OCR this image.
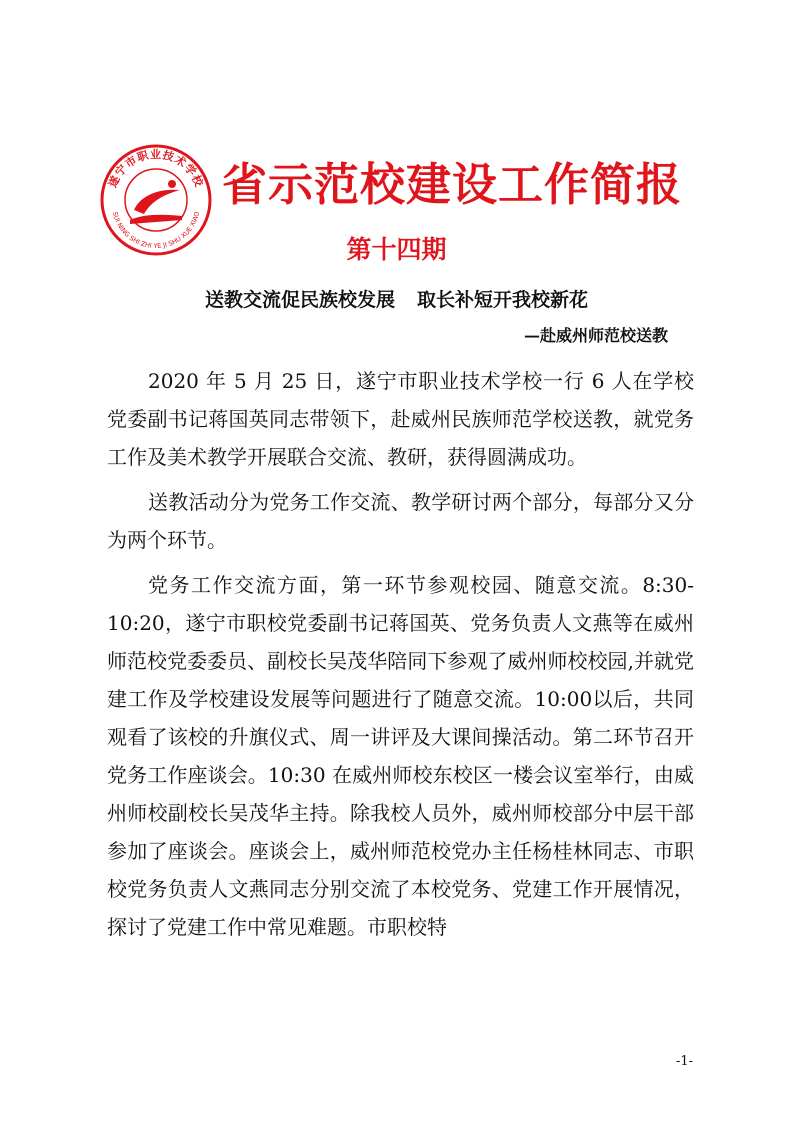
遂宁市职业技术学校
SUI NING SHI ZHI YE JI SHU XUE XIAO
省示范校建设工作简报
第十四期
送教交流促民族校发展 取长补短开我校新花
—赴威州师范校送教

2020 年 5 月 25 日，遂宁市职业技术学校一行 6 人在学校党委副书记蒋国英同志带领下，赴威州民族师范学校送教，就党务工作及美术教学开展联合交流、教研，获得圆满成功。

送教活动分为党务工作交流、教学研讨两个部分，每部分又分为两个环节。

党务工作交流方面，第一环节参观校园、随意交流。8:30-10:20，遂宁市职校党委副书记蒋国英、党务负责人文燕等在威州师范校党委委员、副校长吴茂华陪同下参观了威州师校校园,并就党建工作及学校建设发展等问题进行了随意交流。10:00以后，共同观看了该校的升旗仪式、周一讲评及大课间操活动。第二环节召开党务工作座谈会。10:30 在威州师校东校区一楼会议室举行，由威州师校副校长吴茂华主持。除我校人员外，威州师校部分中层干部参加了座谈会。座谈会上，威州师范校党办主任杨桂林同志、市职校党务负责人文燕同志分别交流了本校党务、党建工作开展情况，探讨了党建工作中常见难题。市职校特

-1-
